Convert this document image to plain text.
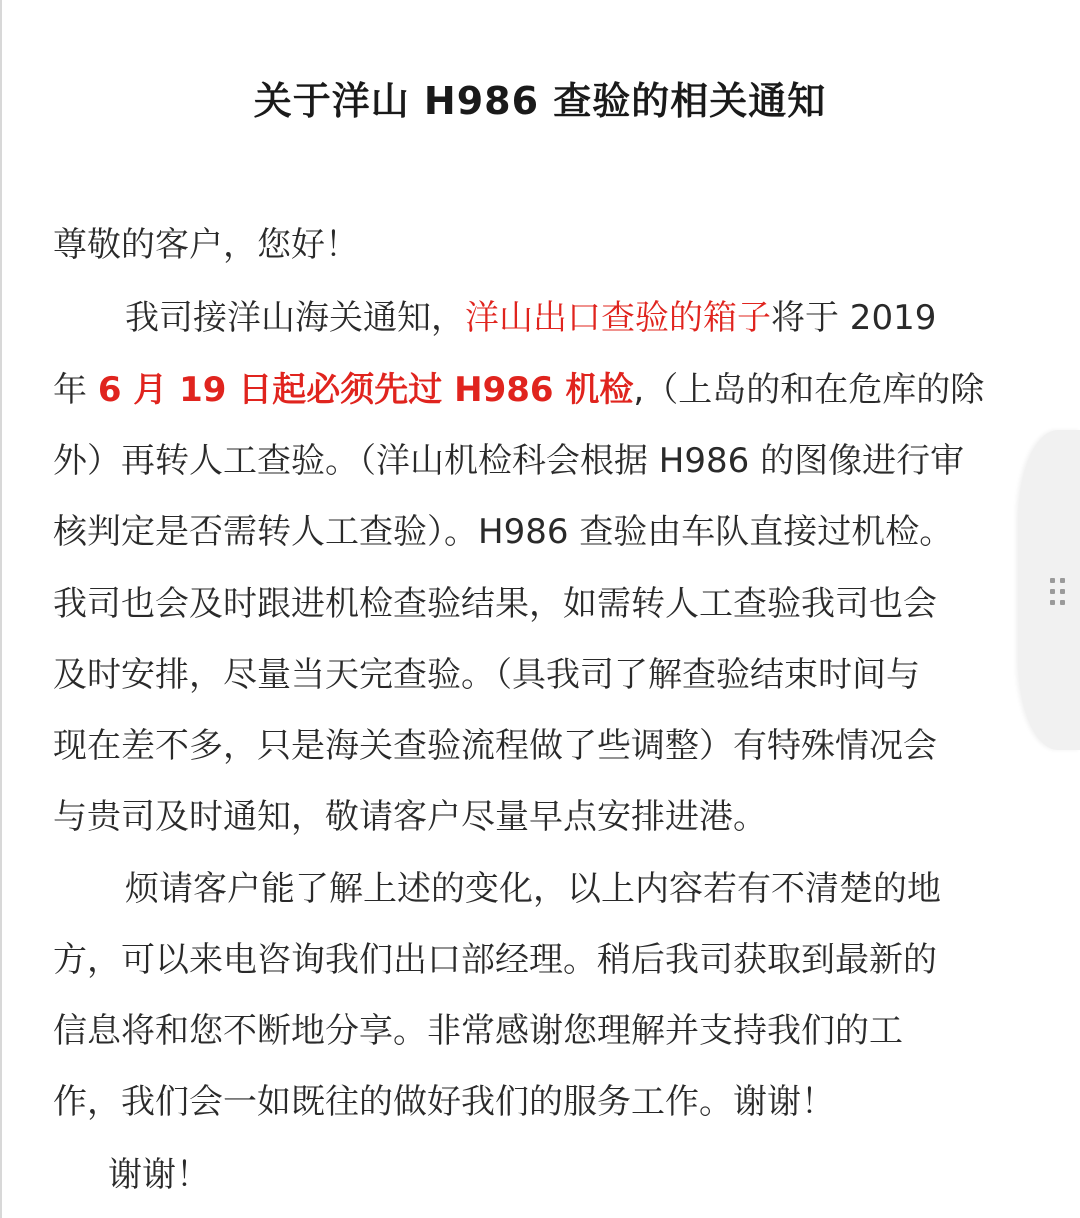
关于洋山 H986 查验的相关通知
尊敬的客户，您好！
我司接洋山海关通知，洋山出口查验的箱子将于 2019
年 6 月 19 日起必须先过 H986 机检,（上岛的和在危库的除
外）再转人工查验。（洋山机检科会根据 H986 的图像进行审
核判定是否需转人工查验）。H986 查验由车队直接过机检。
我司也会及时跟进机检查验结果，如需转人工查验我司也会
及时安排，尽量当天完查验。（具我司了解查验结束时间与
现在差不多，只是海关查验流程做了些调整）有特殊情况会
与贵司及时通知，敬请客户尽量早点安排进港。
烦请客户能了解上述的变化，以上内容若有不清楚的地
方，可以来电咨询我们出口部经理。稍后我司获取到最新的
信息将和您不断地分享。非常感谢您理解并支持我们的工
作，我们会一如既往的做好我们的服务工作。谢谢！
谢谢！
